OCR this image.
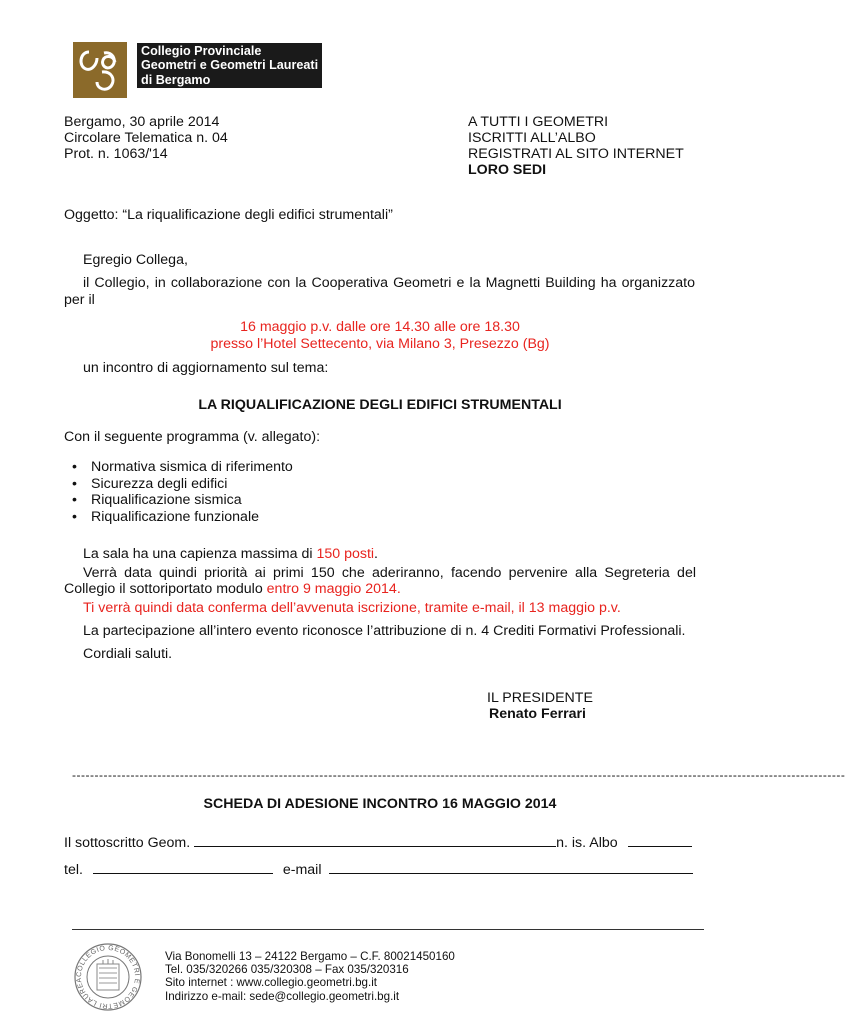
Collegio Provinciale
Geometri e Geometri Laureati
di Bergamo
Bergamo, 30 aprile 2014
Circolare Telematica n. 04
Prot. n. 1063/'14
A TUTTI I GEOMETRI
ISCRITTI ALL’ALBO
REGISTRATI AL SITO INTERNET
LORO SEDI
Oggetto: “La riqualificazione degli edifici strumentali”
Egregio Collega,
il Collegio, in collaborazione con la Cooperativa Geometri e la Magnetti Building ha organizzato
per il
16 maggio p.v. dalle ore 14.30 alle ore 18.30
presso l’Hotel Settecento, via Milano 3, Presezzo (Bg)
un incontro di aggiornamento sul tema:
LA RIQUALIFICAZIONE DEGLI EDIFICI STRUMENTALI
Con il seguente programma (v. allegato):
• Normativa sismica di riferimento
• Sicurezza degli edifici
• Riqualificazione sismica
• Riqualificazione funzionale
La sala ha una capienza massima di 150 posti.
Verrà data quindi priorità ai primi 150 che aderiranno, facendo pervenire alla Segreteria del
Collegio il sottoriportato modulo entro 9 maggio 2014.
Ti verrà quindi data conferma dell’avvenuta iscrizione, tramite e-mail, il 13 maggio p.v.
La partecipazione all’intero evento riconosce l’attribuzione di n. 4 Crediti Formativi Professionali.
Cordiali saluti.
IL PRESIDENTE
Renato Ferrari
----------------------------------------------------------------------------------------------------------------------------------------------------------------------------
SCHEDA DI ADESIONE INCONTRO 16 MAGGIO 2014
Il sottoscritto Geom.	n. is. Albo
tel.	e-mail
COLLEGIO GEOMETRI E GEOMETRI LAUREA
Via Bonomelli 13 – 24122 Bergamo – C.F. 80021450160
Tel. 035/320266 035/320308 – Fax 035/320316
Sito internet : www.collegio.geometri.bg.it
Indirizzo e-mail: sede@collegio.geometri.bg.it
